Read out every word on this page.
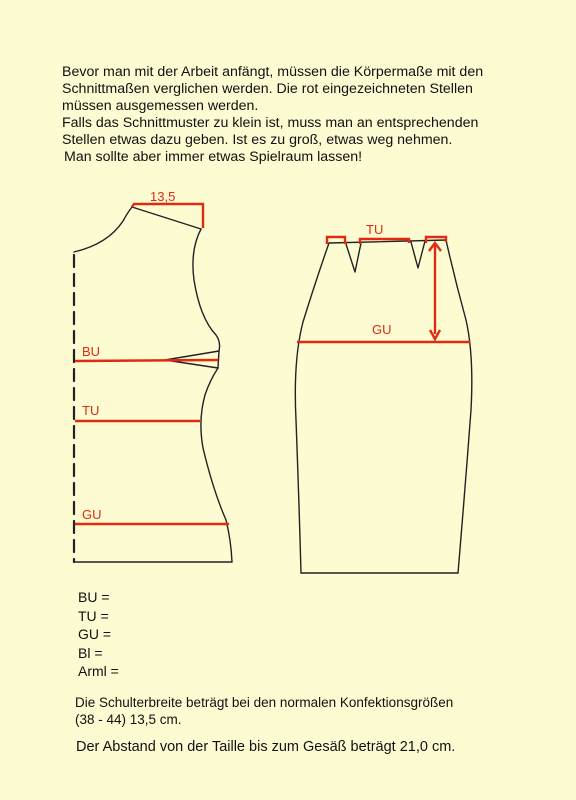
Bevor man mit der Arbeit anfängt, müssen die Körpermaße mit den
Schnittmaßen verglichen werden. Die rot eingezeichneten Stellen
müssen ausgemessen werden.
Falls das Schnittmuster zu klein ist, muss man an entsprechenden
Stellen etwas dazu geben. Ist es zu groß, etwas weg nehmen.
Man sollte aber immer etwas Spielraum lassen!
13,5
BU
TU
GU
TU
GU
BU =
TU =
GU =
Bl =
Arml =
Die Schulterbreite beträgt bei den normalen Konfektionsgrößen
(38 - 44) 13,5 cm.
Der Abstand von der Taille bis zum Gesäß beträgt 21,0 cm.
